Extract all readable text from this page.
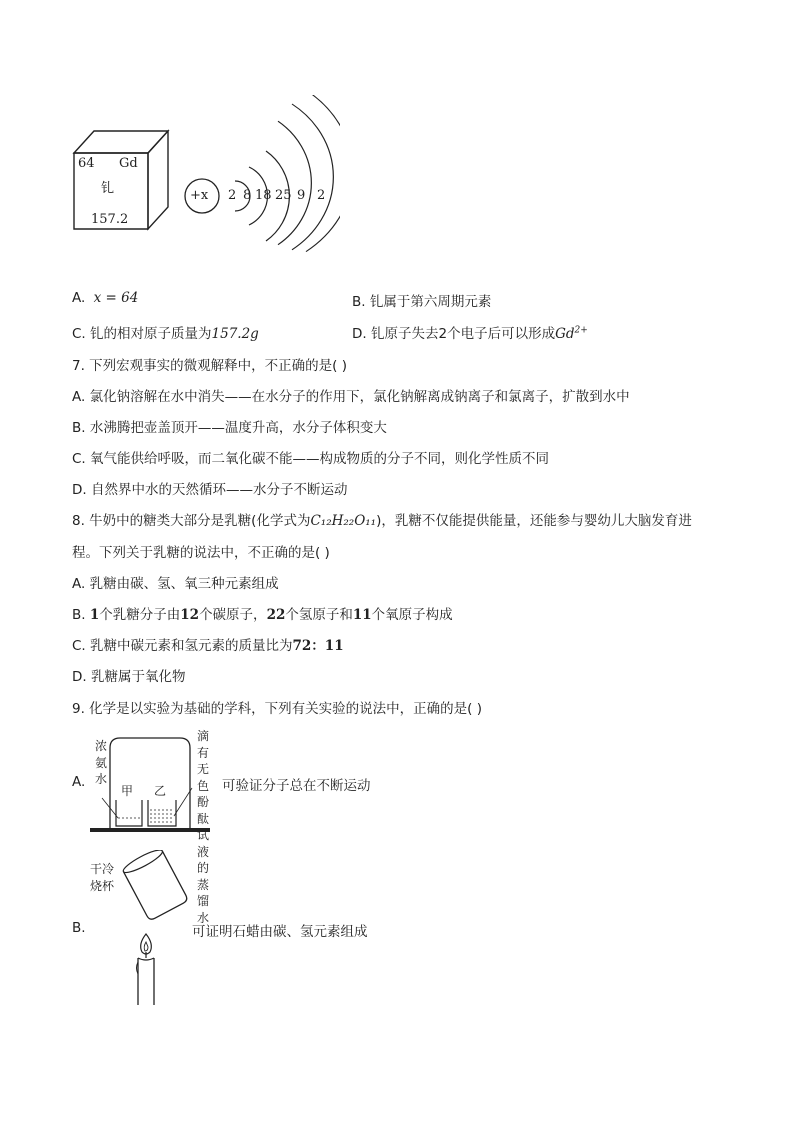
64 Gd
钆
157.2
+x 2 8 18 25 9 2
A. x = 64	B. 钆属于第六周期元素
C. 钆的相对原子质量为157.2g	D. 钆原子失去2个电子后可以形成$Gd^{2+}$
7. 下列宏观事实的微观解释中，不正确的是( )
A. 氯化钠溶解在水中消失——在水分子的作用下，氯化钠解离成钠离子和氯离子，扩散到水中
B. 水沸腾把壶盖顶开——温度升高，水分子体积变大
C. 氧气能供给呼吸，而二氧化碳不能——构成物质的分子不同，则化学性质不同
D. 自然界中水的天然循环——水分子不断运动
8. 牛奶中的糖类大部分是乳糖(化学式为C₁₂H₂₂O₁₁)，乳糖不仅能提供能量，还能参与婴幼儿大脑发育进
程。下列关于乳糖的说法中，不正确的是( )
A. 乳糖由碳、氢、氧三种元素组成
B. 1个乳糖分子由12个碳原子，22个氢原子和11个氧原子构成
C. 乳糖中碳元素和氢元素的质量比为72：11
D. 乳糖属于氧化物
9. 化学是以实验为基础的学科，下列有关实验的说法中，正确的是( )
A.
浓氨水
滴有无色酚酞试液的蒸馏水
甲 乙	可验证分子总在不断运动
B.
干冷
烧杯
可证明石蜡由碳、氢元素组成
